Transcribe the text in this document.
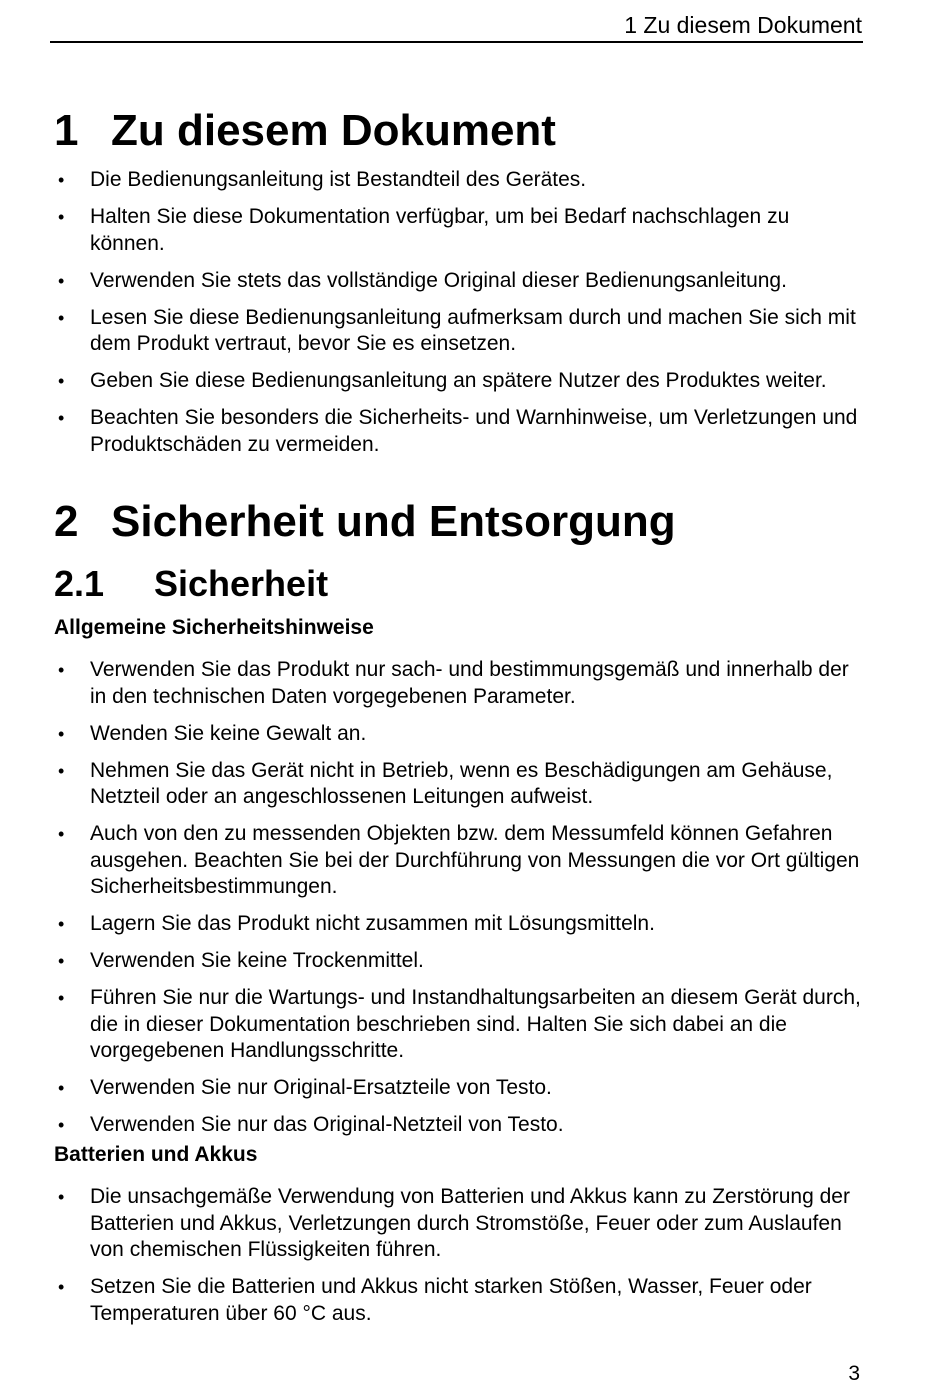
1 Zu diesem Dokument
1 Zu diesem Dokument
• Die Bedienungsanleitung ist Bestandteil des Gerätes.
• Halten Sie diese Dokumentation verfügbar, um bei Bedarf nachschlagen zu können.
• Verwenden Sie stets das vollständige Original dieser Bedienungsanleitung.
• Lesen Sie diese Bedienungsanleitung aufmerksam durch und machen Sie sich mit dem Produkt vertraut, bevor Sie es einsetzen.
• Geben Sie diese Bedienungsanleitung an spätere Nutzer des Produktes weiter.
• Beachten Sie besonders die Sicherheits- und Warnhinweise, um Verletzungen und Produktschäden zu vermeiden.
2 Sicherheit und Entsorgung
2.1 Sicherheit
Allgemeine Sicherheitshinweise
• Verwenden Sie das Produkt nur sach- und bestimmungsgemäß und innerhalb der in den technischen Daten vorgegebenen Parameter.
• Wenden Sie keine Gewalt an.
• Nehmen Sie das Gerät nicht in Betrieb, wenn es Beschädigungen am Gehäuse, Netzteil oder an angeschlossenen Leitungen aufweist.
• Auch von den zu messenden Objekten bzw. dem Messumfeld können Gefahren ausgehen. Beachten Sie bei der Durchführung von Messungen die vor Ort gültigen Sicherheitsbestimmungen.
• Lagern Sie das Produkt nicht zusammen mit Lösungsmitteln.
• Verwenden Sie keine Trockenmittel.
• Führen Sie nur die Wartungs- und Instandhaltungsarbeiten an diesem Gerät durch, die in dieser Dokumentation beschrieben sind. Halten Sie sich dabei an die vorgegebenen Handlungsschritte.
• Verwenden Sie nur Original-Ersatzteile von Testo.
• Verwenden Sie nur das Original-Netzteil von Testo.
Batterien und Akkus
• Die unsachgemäße Verwendung von Batterien und Akkus kann zu Zerstörung der Batterien und Akkus, Verletzungen durch Stromstöße, Feuer oder zum Auslaufen von chemischen Flüssigkeiten führen.
• Setzen Sie die Batterien und Akkus nicht starken Stößen, Wasser, Feuer oder Temperaturen über 60 °C aus.
3
